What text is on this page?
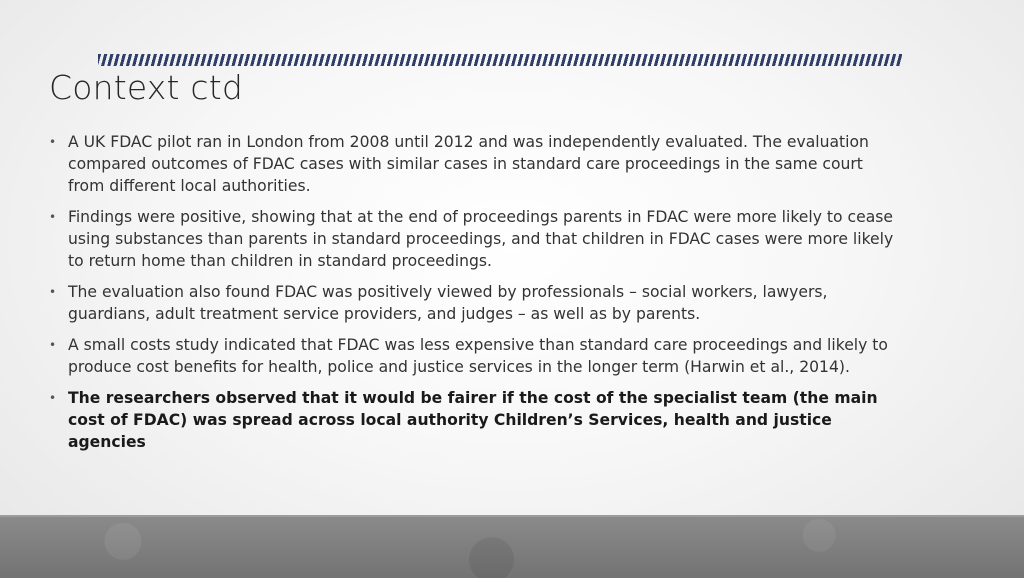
Context ctd
• A UK FDAC pilot ran in London from 2008 until 2012 and was independently evaluated. The evaluation compared outcomes of FDAC cases with similar cases in standard care proceedings in the same court from different local authorities.
• Findings were positive, showing that at the end of proceedings parents in FDAC were more likely to cease using substances than parents in standard proceedings, and that children in FDAC cases were more likely to return home than children in standard proceedings.
• The evaluation also found FDAC was positively viewed by professionals – social workers, lawyers, guardians, adult treatment service providers, and judges – as well as by parents.
• A small costs study indicated that FDAC was less expensive than standard care proceedings and likely to produce cost benefits for health, police and justice services in the longer term (Harwin et al., 2014).
• The researchers observed that it would be fairer if the cost of the specialist team (the main cost of FDAC) was spread across local authority Children’s Services, health and justice agencies
